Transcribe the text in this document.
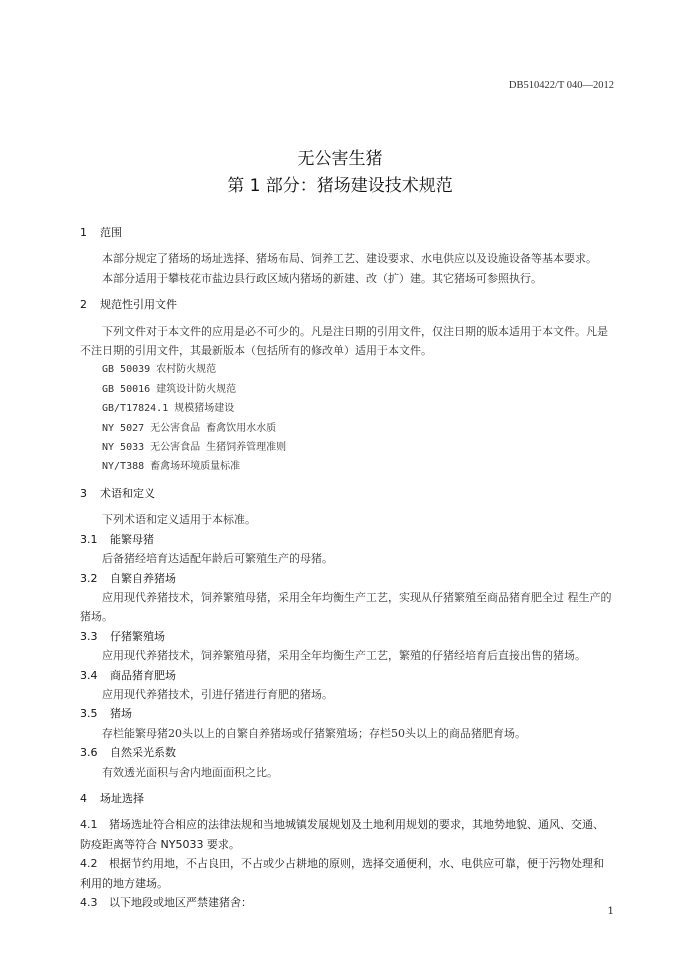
DB510422/T 040—2012
无公害生猪
第 1 部分：猪场建设技术规范
1 范围
本部分规定了猪场的场址选择、猪场布局、饲养工艺、建设要求、水电供应以及设施设备等基本要求。
本部分适用于攀枝花市盐边县行政区域内猪场的新建、改（扩）建。其它猪场可参照执行。
2 规范性引用文件
下列文件对于本文件的应用是必不可少的。凡是注日期的引用文件，仅注日期的版本适用于本文件。凡是不注日期的引用文件，其最新版本（包括所有的修改单）适用于本文件。
GB 50039 农村防火规范
GB 50016 建筑设计防火规范
GB/T17824.1 规模猪场建设
NY 5027 无公害食品 畜禽饮用水水质
NY 5033 无公害食品 生猪饲养管理准则
NY/T388 畜禽场环境质量标准
3 术语和定义
下列术语和定义适用于本标准。
3.1 能繁母猪
后备猪经培育达适配年龄后可繁殖生产的母猪。
3.2 自繁自养猪场
应用现代养猪技术，饲养繁殖母猪，采用全年均衡生产工艺，实现从仔猪繁殖至商品猪育肥全过 程生产的猪场。
3.3 仔猪繁殖场
应用现代养猪技术，饲养繁殖母猪，采用全年均衡生产工艺，繁殖的仔猪经培育后直接出售的猪场。
3.4 商品猪育肥场
应用现代养猪技术，引进仔猪进行育肥的猪场。
3.5 猪场
存栏能繁母猪20头以上的自繁自养猪场或仔猪繁殖场；存栏50头以上的商品猪肥育场。
3.6 自然采光系数
有效透光面积与舍内地面面积之比。
4 场址选择
4.1 猪场选址符合相应的法律法规和当地城镇发展规划及土地利用规划的要求，其地势地貌、通风、交通、防疫距离等符合 NY5033 要求。
4.2 根据节约用地，不占良田，不占或少占耕地的原则，选择交通便利，水、电供应可靠，便于污物处理和利用的地方建场。
4.3 以下地段或地区严禁建猪舍：
1
